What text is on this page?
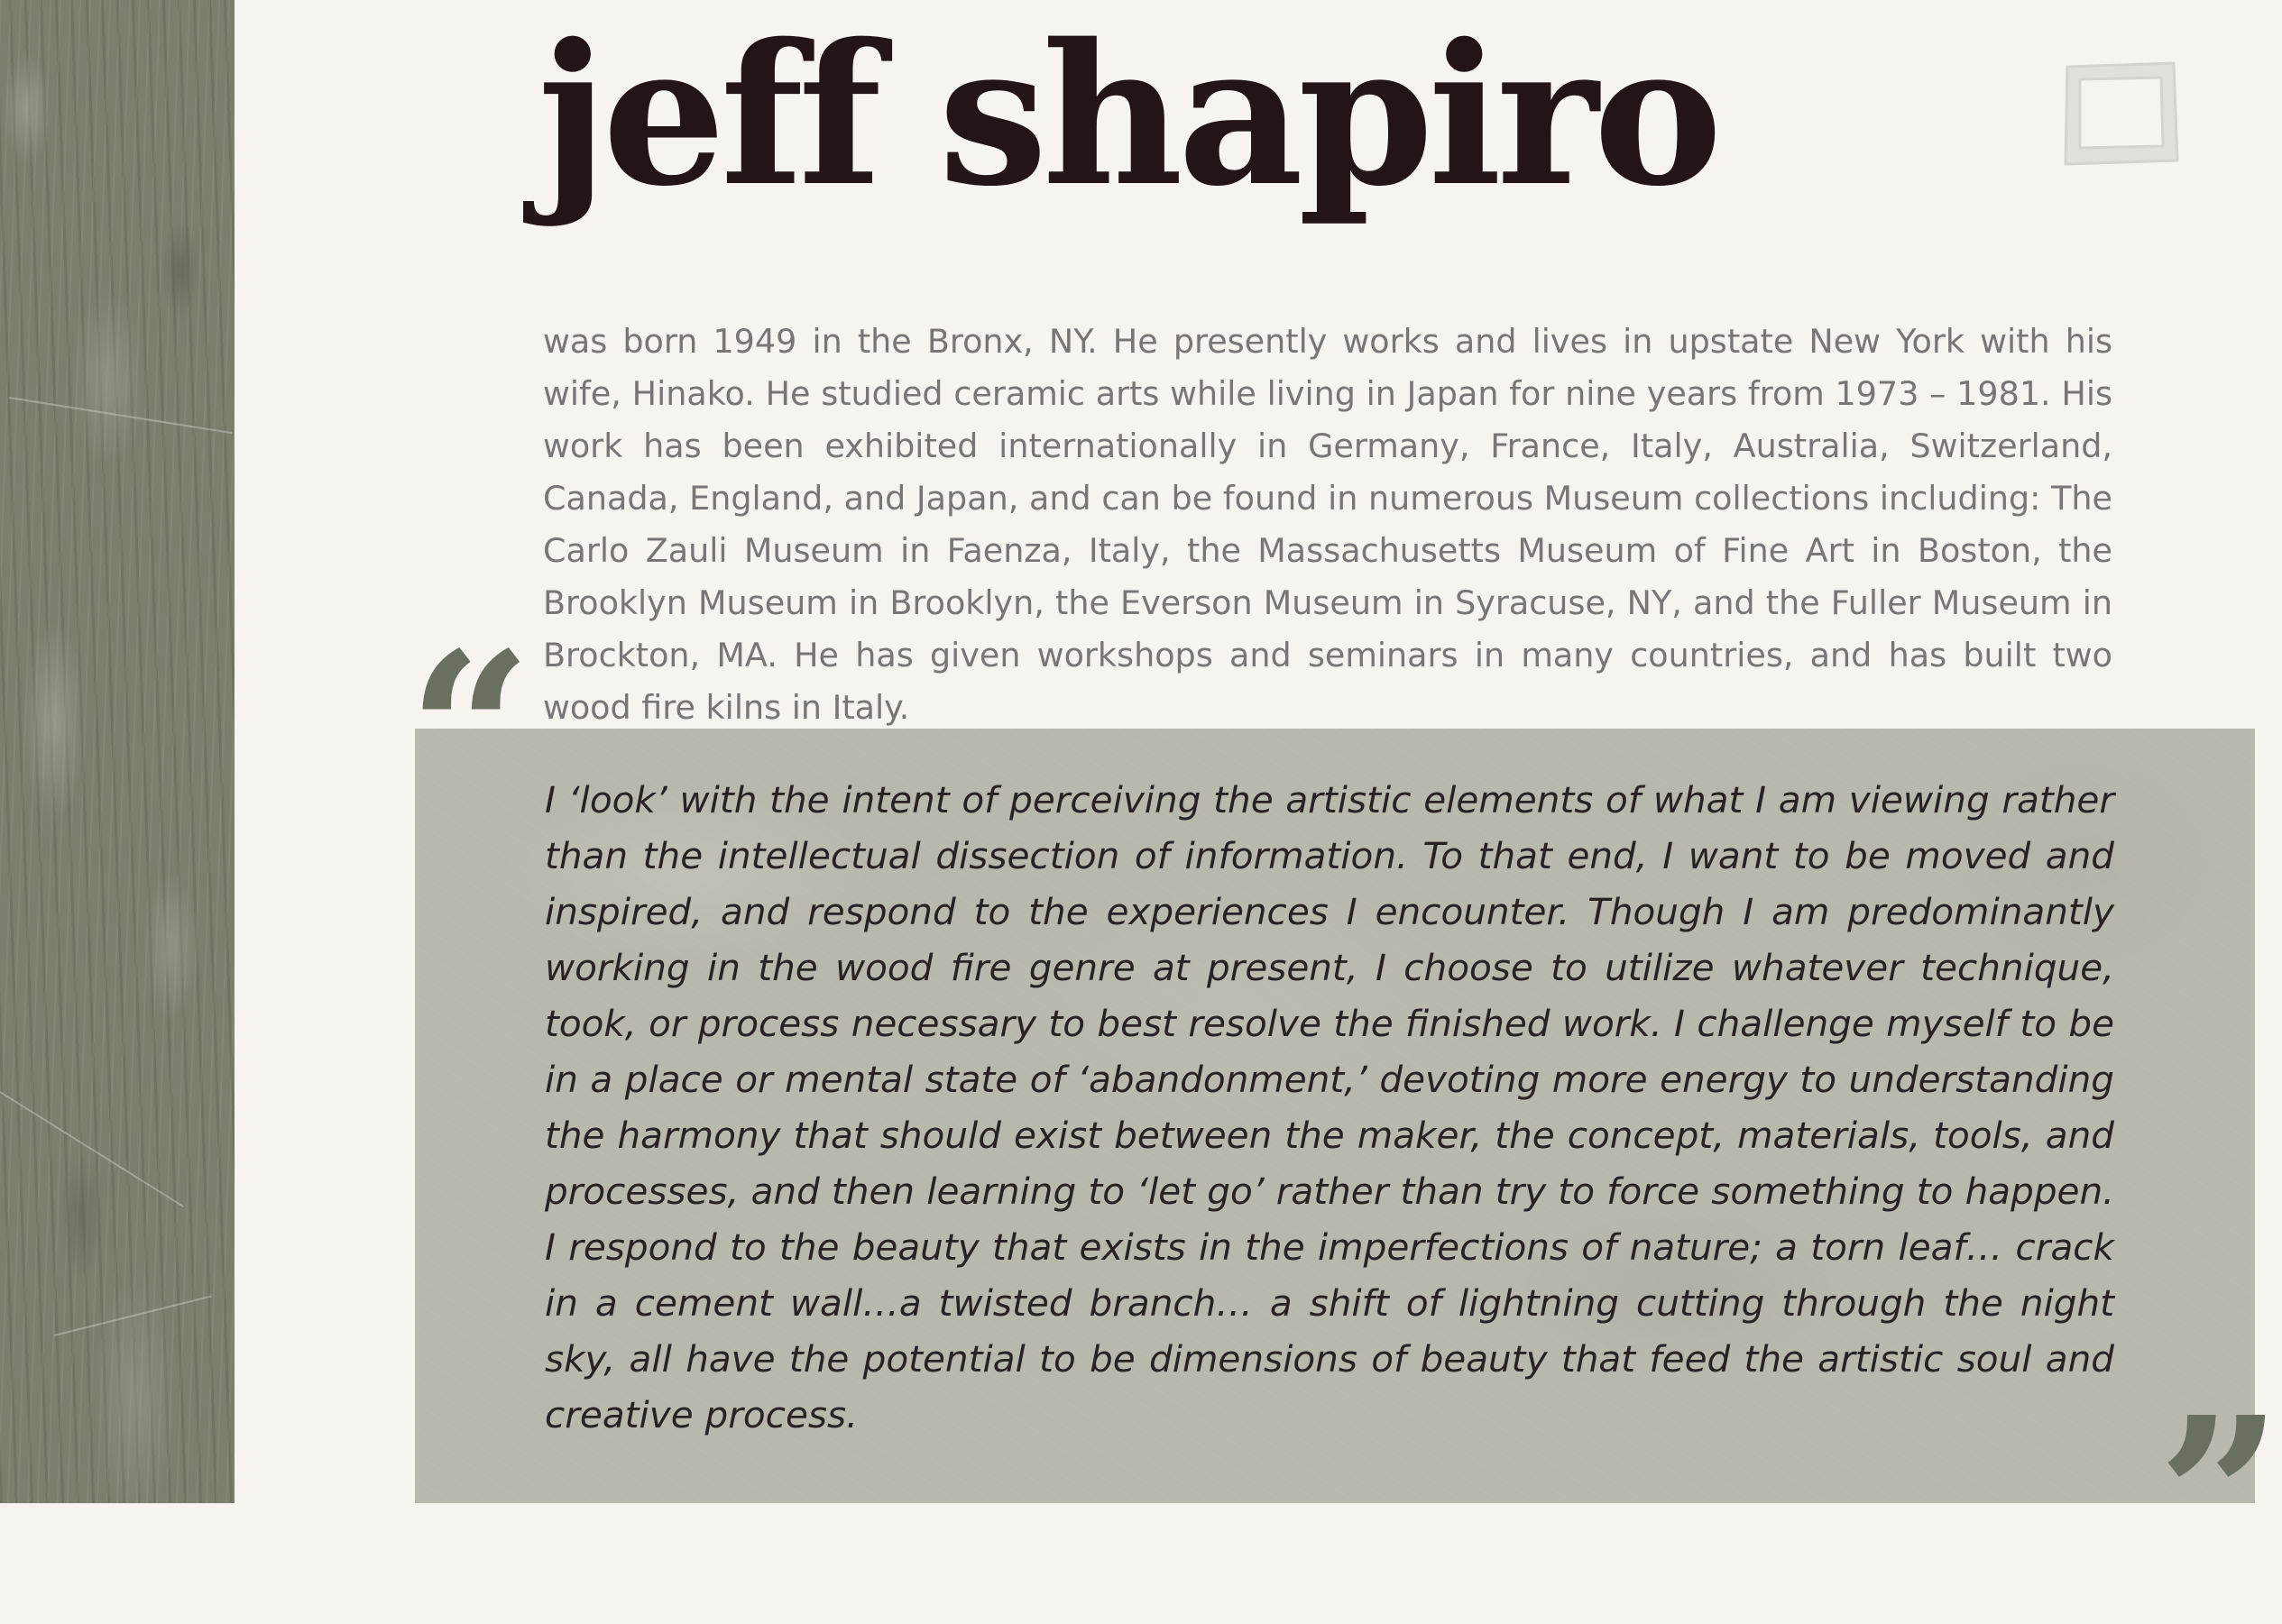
jeff shapiro

was born 1949 in the Bronx, NY. He presently works and lives in upstate New York with his wife, Hinako. He studied ceramic arts while living in Japan for nine years from 1973 – 1981. His work has been exhibited internationally in Germany, France, Italy, Australia, Switzerland, Canada, England, and Japan, and can be found in numerous Museum collections including: The Carlo Zauli Museum in Faenza, Italy, the Massachusetts Museum of Fine Art in Boston, the Brooklyn Museum in Brooklyn, the Everson Museum in Syracuse, NY, and the Fuller Museum in Brockton, MA. He has given workshops and seminars in many countries, and has built two wood fire kilns in Italy.

“ I ‘look’ with the intent of perceiving the artistic elements of what I am viewing rather than the intellectual dissection of information. To that end, I want to be moved and inspired, and respond to the experiences I encounter. Though I am predominantly working in the wood fire genre at present, I choose to utilize whatever technique, took, or process necessary to best resolve the finished work. I challenge myself to be in a place or mental state of ‘abandonment,’ devoting more energy to understanding the harmony that should exist between the maker, the concept, materials, tools, and processes, and then learning to ‘let go’ rather than try to force something to happen. I respond to the beauty that exists in the imperfections of nature; a torn leaf… crack in a cement wall…a twisted branch… a shift of lightning cutting through the night sky, all have the potential to be dimensions of beauty that feed the artistic soul and creative process.	”
